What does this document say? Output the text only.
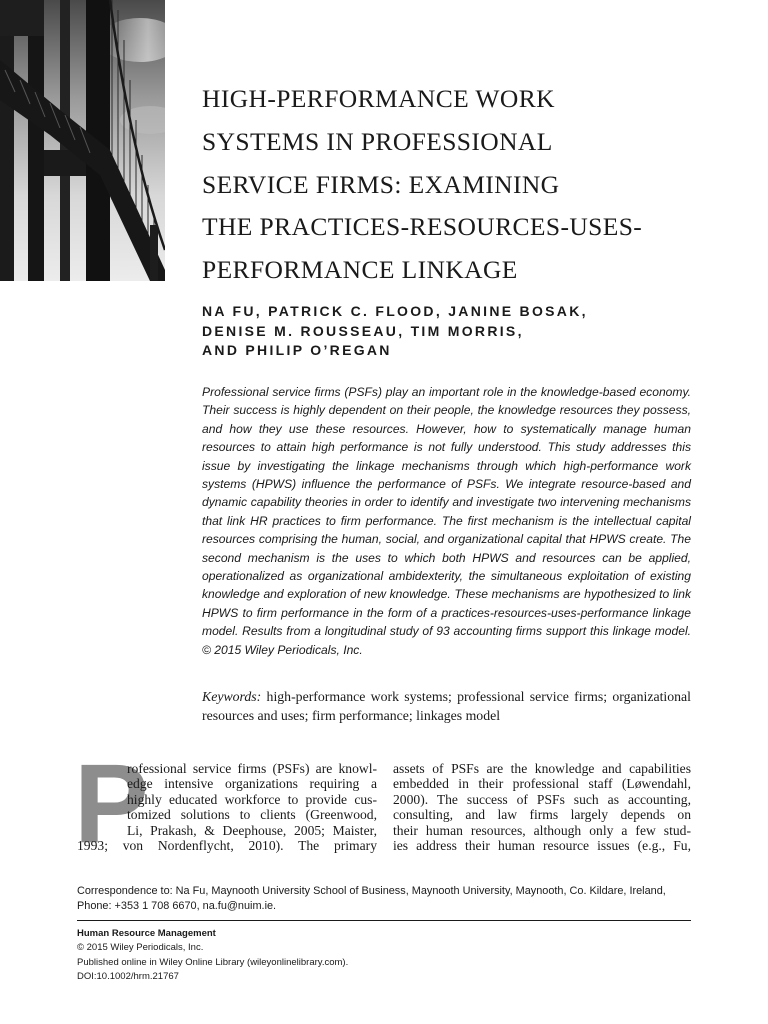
HIGH-PERFORMANCE WORK
SYSTEMS IN PROFESSIONAL
SERVICE FIRMS: EXAMINING
THE PRACTICES-RESOURCES-USES-
PERFORMANCE LINKAGE
NA FU, PATRICK C. FLOOD, JANINE BOSAK,
DENISE M. ROUSSEAU, TIM MORRIS,
AND PHILIP O’REGAN

Professional service firms (PSFs) play an important role in the knowledge-based economy. Their success is highly dependent on their people, the knowledge resources they possess, and how they use these resources. However, how to systematically manage human resources to attain high performance is not fully understood. This study addresses this issue by investigating the linkage mechanisms through which high-performance work systems (HPWS) influence the performance of PSFs. We integrate resource-based and dynamic capability theories in order to identify and investigate two intervening mechanisms that link HR practices to firm performance. The first mechanism is the intellectual capital resources comprising the human, social, and organizational capital that HPWS create. The second mechanism is the uses to which both HPWS and resources can be applied, operationalized as organizational ambidexterity, the simultaneous exploitation of existing knowledge and exploration of new knowledge. These mechanisms are hypothesized to link HPWS to firm performance in the form of a practices-resources-uses-performance linkage model. Results from a longitudinal study of 93 accounting firms support this linkage model. © 2015 Wiley Periodicals, Inc.

Keywords: high-performance work systems; professional service firms; organizational resources and uses; firm performance; linkages model
P
rofessional service firms (PSFs) are knowl-
edge intensive organizations requiring a
highly educated workforce to provide cus-
tomized solutions to clients (Greenwood,
Li, Prakash, & Deephouse, 2005; Maister,
1993; von Nordenflycht, 2010). The primary
assets of PSFs are the knowledge and capabilities
embedded in their professional staff (Løwendahl,
2000). The success of PSFs such as accounting,
consulting, and law firms largely depends on
their human resources, although only a few stud-
ies address their human resource issues (e.g., Fu,
Correspondence to: Na Fu, Maynooth University School of Business, Maynooth University, Maynooth, Co. Kildare, Ireland, Phone: +353 1 708 6670, na.fu@nuim.ie.
Human Resource Management
© 2015 Wiley Periodicals, Inc.
Published online in Wiley Online Library (wileyonlinelibrary.com).
DOI:10.1002/hrm.21767
